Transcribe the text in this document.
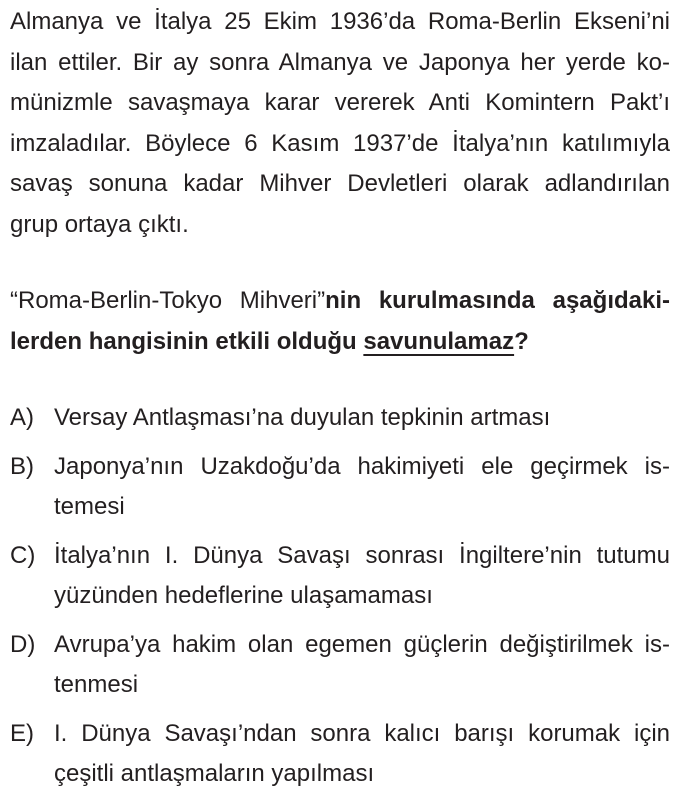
Almanya ve İtalya 25 Ekim 1936’da Roma-Berlin Ekseni’ni
ilan ettiler. Bir ay sonra Almanya ve Japonya her yerde ko-
münizmle savaşmaya karar vererek Anti Komintern Pakt’ı
imzaladılar. Böylece 6 Kasım 1937’de İtalya’nın katılımıyla
savaş sonuna kadar Mihver Devletleri olarak adlandırılan
grup ortaya çıktı.
“Roma-Berlin-Tokyo Mihveri”nin kurulmasında aşağıdaki-
lerden hangisinin etkili olduğu savunulamaz?
A) Versay Antlaşması’na duyulan tepkinin artması
B) Japonya’nın Uzakdoğu’da hakimiyeti ele geçirmek is-
temesi
C) İtalya’nın I. Dünya Savaşı sonrası İngiltere’nin tutumu
yüzünden hedeflerine ulaşamaması
D) Avrupa’ya hakim olan egemen güçlerin değiştirilmek is-
tenmesi
E) I. Dünya Savaşı’ndan sonra kalıcı barışı korumak için
çeşitli antlaşmaların yapılması
